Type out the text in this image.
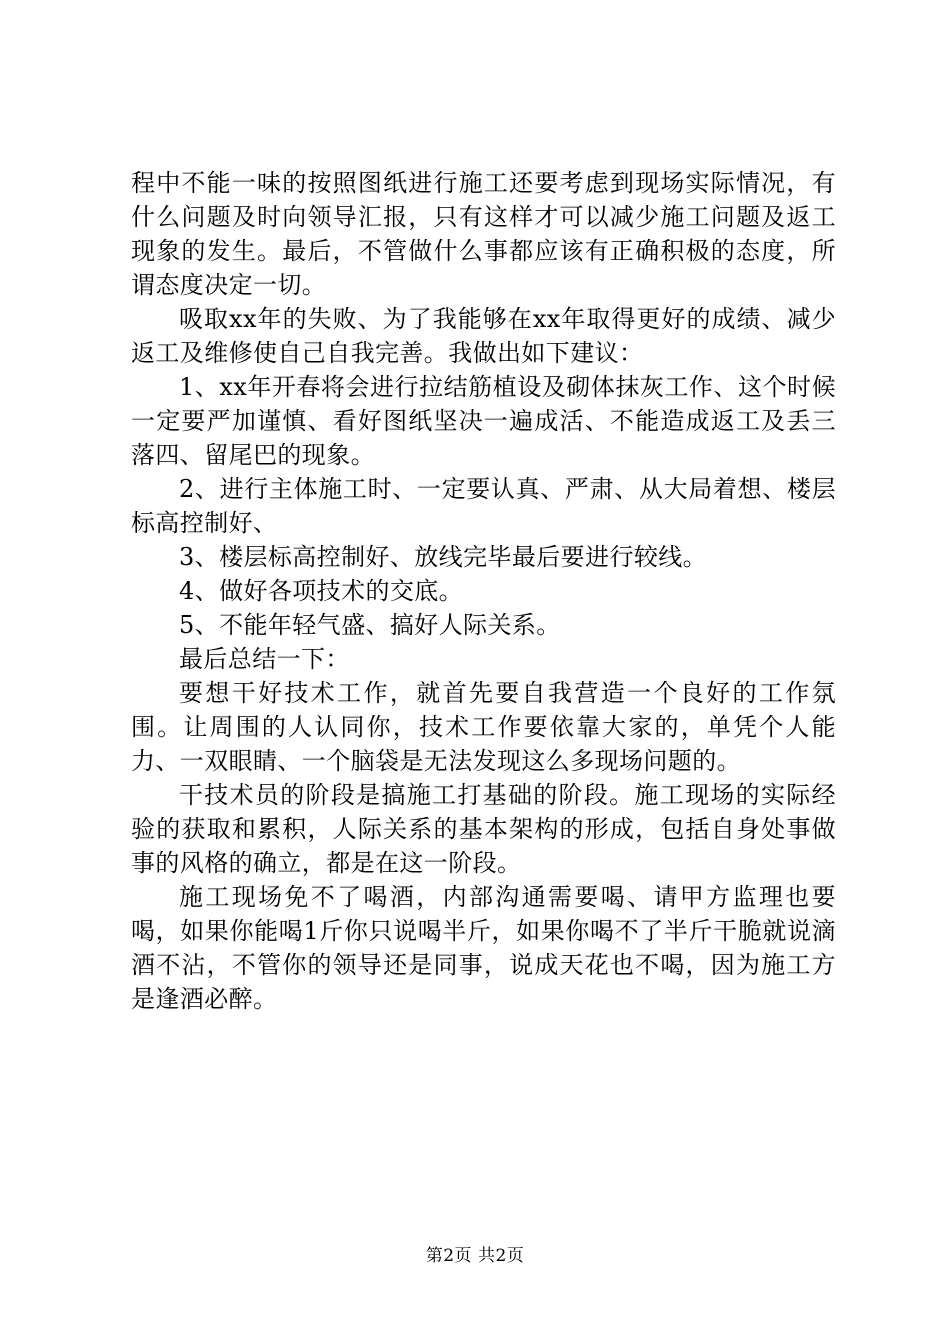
程中不能一味的按照图纸进行施工还要考虑到现场实际情况，有什么问题及时向领导汇报，只有这样才可以减少施工问题及返工现象的发生。最后，不管做什么事都应该有正确积极的态度，所谓态度决定一切。

吸取xx年的失败、为了我能够在xx年取得更好的成绩、减少返工及维修使自己自我完善。我做出如下建议：

1、xx年开春将会进行拉结筋植设及砌体抹灰工作、这个时候一定要严加谨慎、看好图纸坚决一遍成活、不能造成返工及丢三落四、留尾巴的现象。

2、进行主体施工时、一定要认真、严肃、从大局着想、楼层标高控制好、

3、楼层标高控制好、放线完毕最后要进行较线。

4、做好各项技术的交底。

5、不能年轻气盛、搞好人际关系。

最后总结一下：

要想干好技术工作，就首先要自我营造一个良好的工作氛围。让周围的人认同你，技术工作要依靠大家的，单凭个人能力、一双眼睛、一个脑袋是无法发现这么多现场问题的。

干技术员的阶段是搞施工打基础的阶段。施工现场的实际经验的获取和累积，人际关系的基本架构的形成，包括自身处事做事的风格的确立，都是在这一阶段。

施工现场免不了喝酒，内部沟通需要喝、请甲方监理也要喝，如果你能喝1斤你只说喝半斤，如果你喝不了半斤干脆就说滴酒不沾，不管你的领导还是同事，说成天花也不喝，因为施工方是逢酒必醉。

第2页 共2页
